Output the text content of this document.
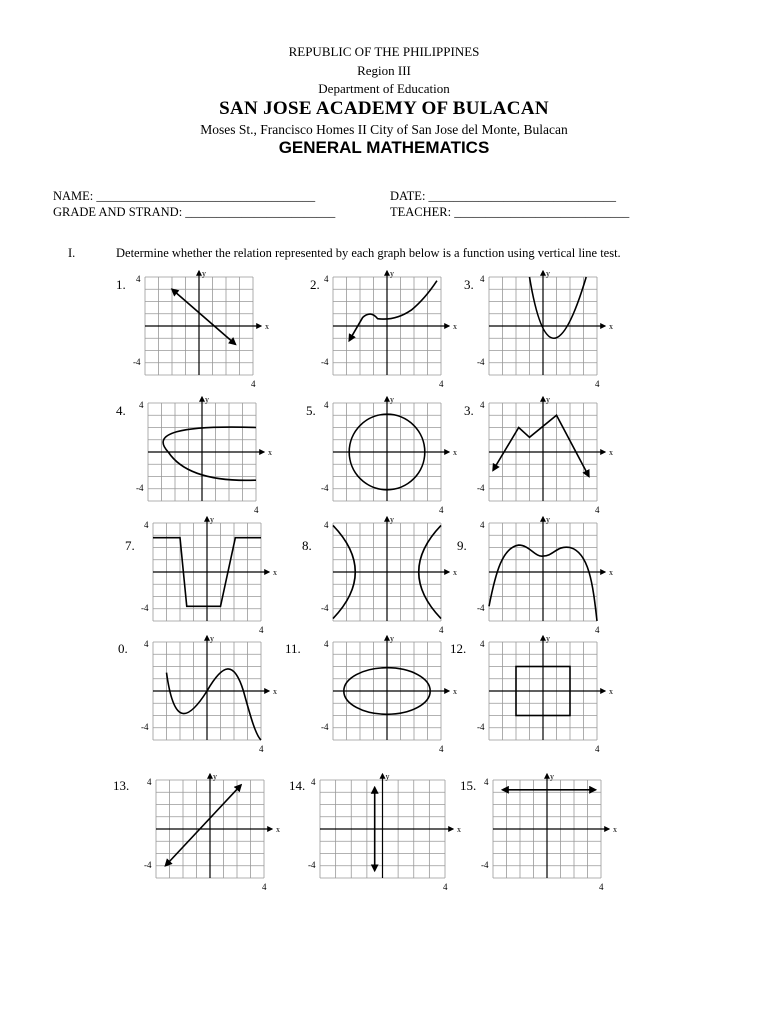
REPUBLIC OF THE PHILIPPINES
Region III
Department of Education
SAN JOSE ACADEMY OF BULACAN
Moses St., Francisco Homes II City of San Jose del Monte, Bulacan
GENERAL MATHEMATICS
NAME: ___________________________________	DATE: ______________________________
GRADE AND STRAND: ________________________	TEACHER: ____________________________
I.	Determine whether the relation represented by each graph below is a function using vertical line test.
x
y
4
-4
4
1.
x
y
4
-4
4
2.
x
y
4
-4
4
3.
x
y
4
-4
4
4.
x
y
4
-4
4
5.
x
y
4
-4
4
3.
x
y
4
-4
4
7.
x
y
4
-4
4
8.
x
y
4
-4
4
9.
x
y
4
-4
4
0.
x
y
4
-4
4
11.
x
y
4
-4
4
12.
x
y
4
-4
4
13.
x
y
4
-4
4
14.
x
y
4
-4
4
15.
